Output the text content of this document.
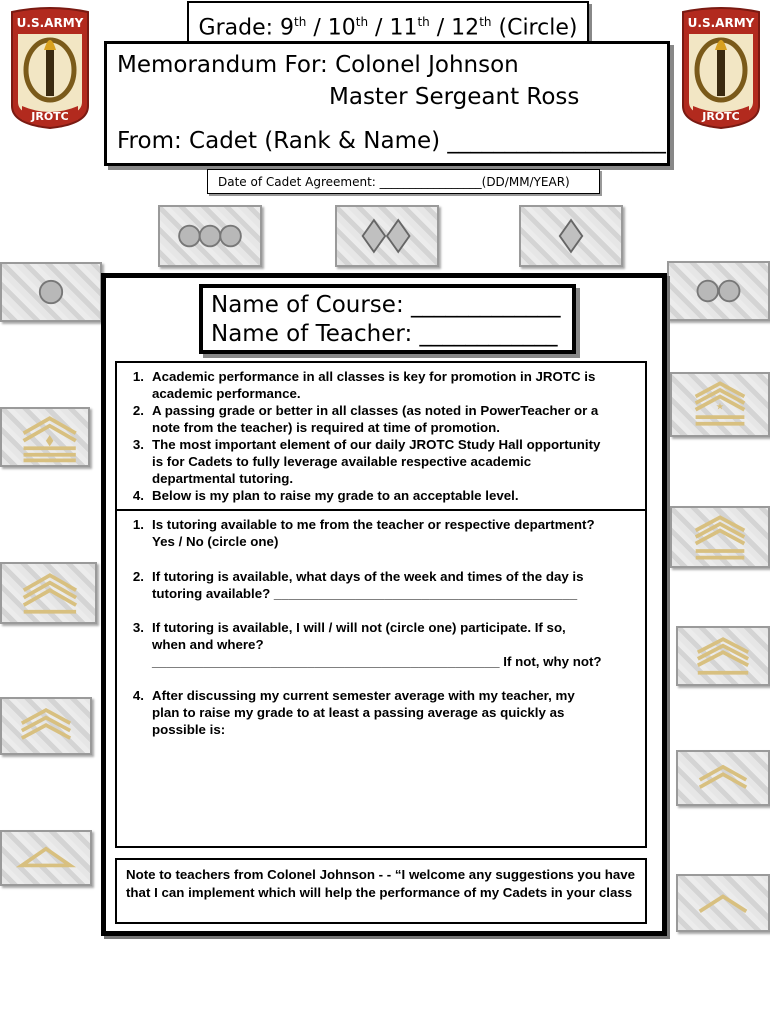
U.S.ARMY
JROTC
U.S.ARMY
JROTC
Grade: 9th / 10th / 11th / 12th (Circle)
Memorandum For: Colonel Johnson
Master Sergeant Ross
From: Cadet (Rank & Name) ___________________
Date of Cadet Agreement: _________________(DD/MM/YEAR)
★
Name of Course: _____________
Name of Teacher: ____________
1. Academic performance in all classes is key for promotion in JROTC is
academic performance.
2. A passing grade or better in all classes (as noted in PowerTeacher or a
note from the teacher) is required at time of promotion.
3. The most important element of our daily JROTC Study Hall opportunity
is for Cadets to fully leverage available respective academic
departmental tutoring.
4. Below is my plan to raise my grade to an acceptable level.
1. Is tutoring available to me from the teacher or respective department?
Yes / No (circle one)
2. If tutoring is available, what days of the week and times of the day is
tutoring available? _________________________________________
3. If tutoring is available, I will / will not (circle one) participate. If so,
when and where?
_______________________________________________ If not, why not?
4. After discussing my current semester average with my teacher, my
plan to raise my grade to at least a passing average as quickly as
possible is:
Note to teachers from Colonel Johnson - - “I welcome any suggestions you have that I can implement which will help the performance of my Cadets in your class
